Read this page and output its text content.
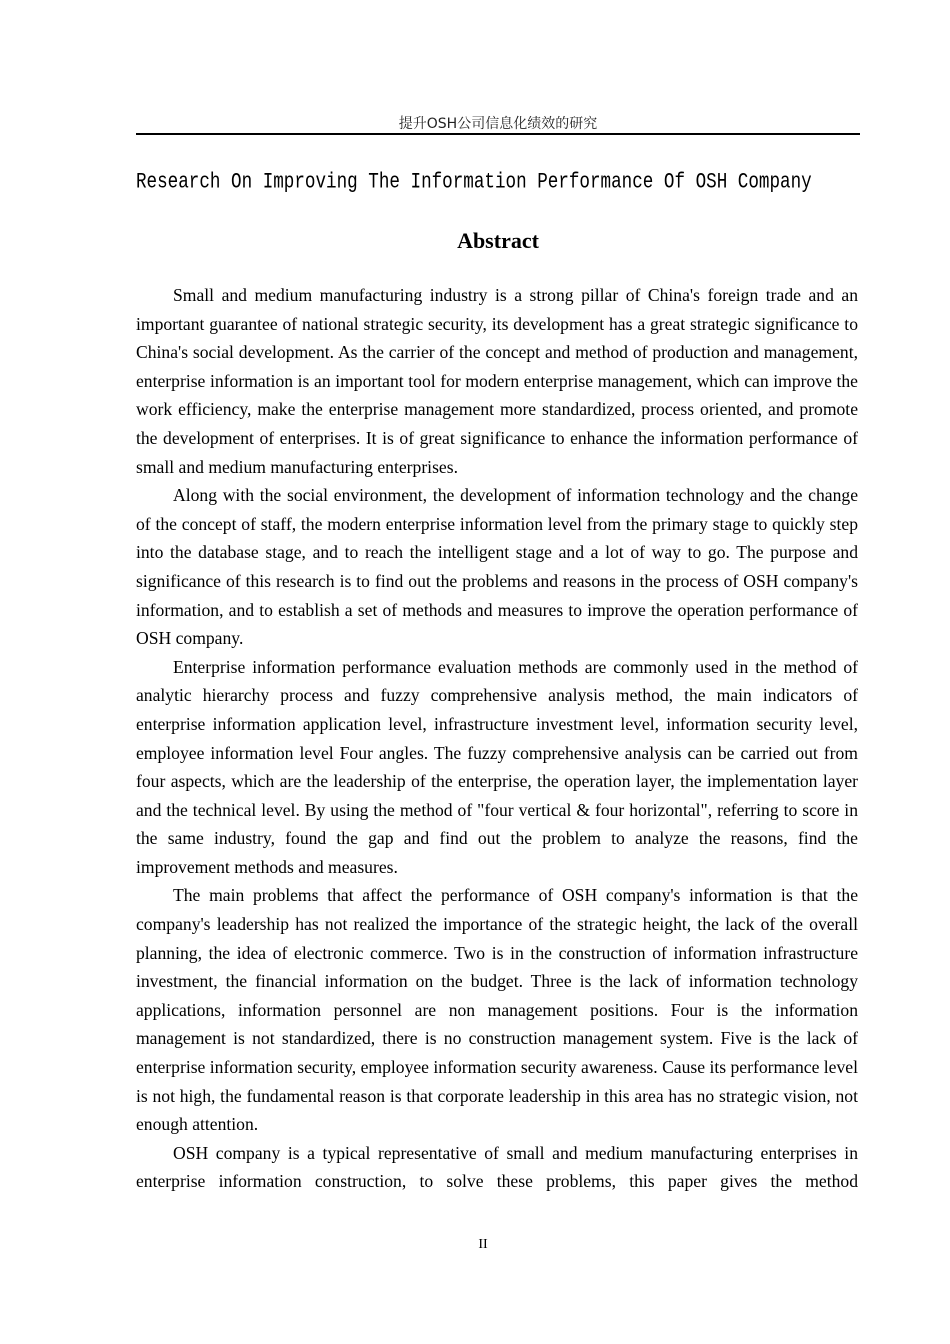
提升OSH公司信息化绩效的研究
Research On Improving The Information Performance Of OSH Company
Abstract

Small and medium manufacturing industry is a strong pillar of China's foreign trade and an important guarantee of national strategic security, its development has a great strategic significance to China's social development. As the carrier of the concept and method of production and management, enterprise information is an important tool for modern enterprise management, which can improve the work efficiency, make the enterprise management more standardized, process oriented, and promote the development of enterprises. It is of great significance to enhance the information performance of small and medium manufacturing enterprises.

Along with the social environment, the development of information technology and the change of the concept of staff, the modern enterprise information level from the primary stage to quickly step into the database stage, and to reach the intelligent stage and a lot of way to go. The purpose and significance of this research is to find out the problems and reasons in the process of OSH company's information, and to establish a set of methods and measures to improve the operation performance of OSH company.

Enterprise information performance evaluation methods are commonly used in the method of analytic hierarchy process and fuzzy comprehensive analysis method, the main indicators of enterprise information application level, infrastructure investment level, information security level, employee information level Four angles. The fuzzy comprehensive analysis can be carried out from four aspects, which are the leadership of the enterprise, the operation layer, the implementation layer and the technical level. By using the method of "four vertical & four horizontal", referring to score in the same industry, found the gap and find out the problem to analyze the reasons, find the improvement methods and measures.

The main problems that affect the performance of OSH company's information is that the company's leadership has not realized the importance of the strategic height, the lack of the overall planning, the idea of electronic commerce. Two is in the construction of information infrastructure investment, the financial information on the budget. Three is the lack of information technology applications, information personnel are non management positions. Four is the information management is not standardized, there is no construction management system. Five is the lack of enterprise information security, employee information security awareness. Cause its performance level is not high, the fundamental reason is that corporate leadership in this area has no strategic vision, not enough attention.

OSH company is a typical representative of small and medium manufacturing enterprises in enterprise information construction, to solve these problems, this paper gives the method

II
